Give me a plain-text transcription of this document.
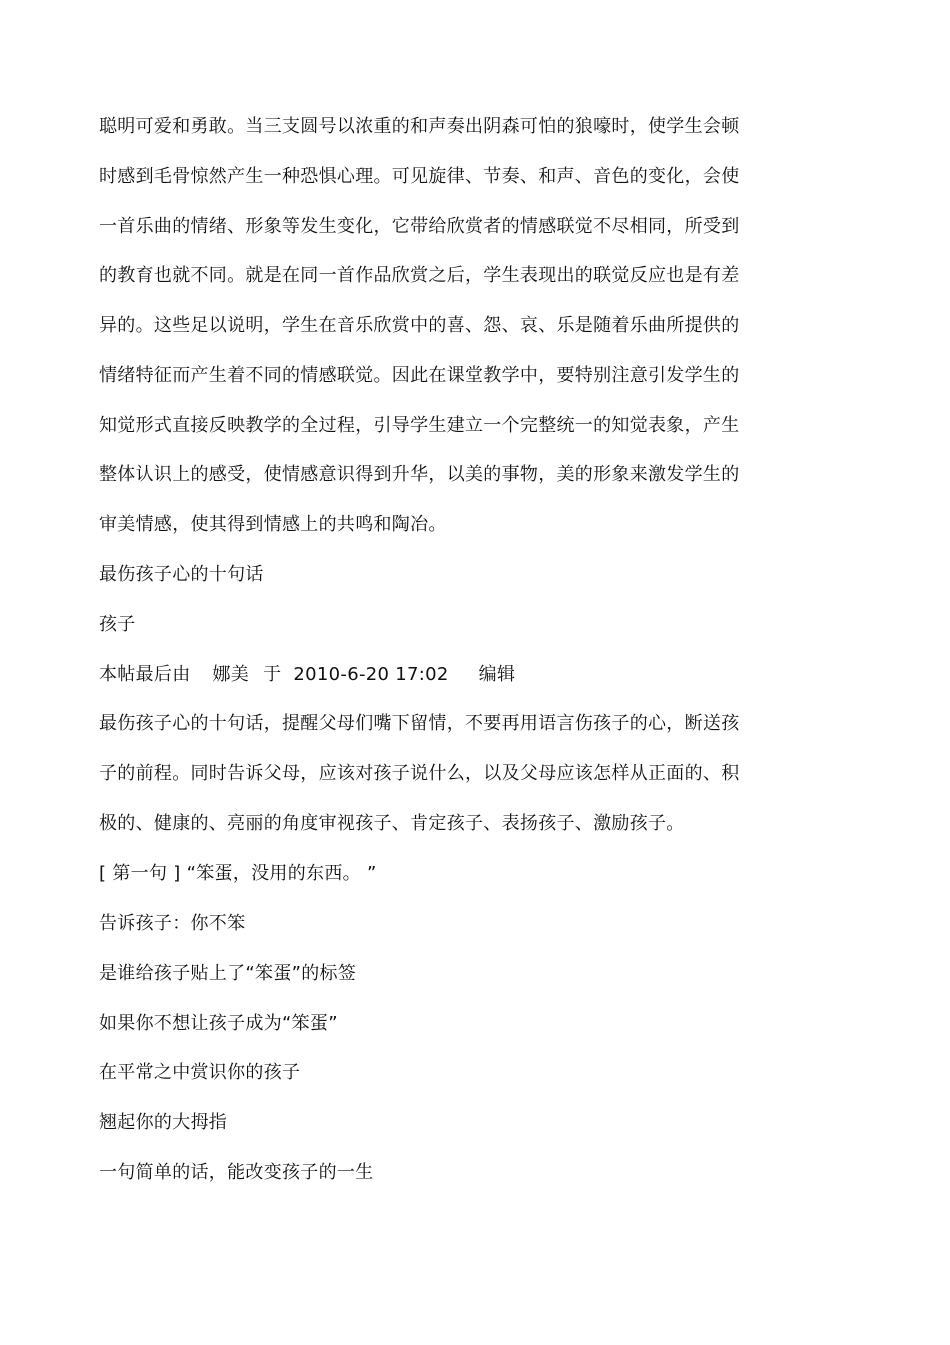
聪明可爱和勇敢。当三支圆号以浓重的和声奏出阴森可怕的狼嚎时，使学生会顿
时感到毛骨惊然产生一种恐惧心理。可见旋律、节奏、和声、音色的变化，会使
一首乐曲的情绪、形象等发生变化，它带给欣赏者的情感联觉不尽相同，所受到
的教育也就不同。就是在同一首作品欣赏之后，学生表现出的联觉反应也是有差
异的。这些足以说明，学生在音乐欣赏中的喜、怨、哀、乐是随着乐曲所提供的
情绪特征而产生着不同的情感联觉。因此在课堂教学中，要特别注意引发学生的
知觉形式直接反映教学的全过程，引导学生建立一个完整统一的知觉表象，产生
整体认识上的感受，使情感意识得到升华，以美的事物，美的形象来激发学生的
审美情感，使其得到情感上的共鸣和陶冶。
最伤孩子心的十句话
孩子
本帖最后由 娜美 于 2010-6-20 17:02 编辑
最伤孩子心的十句话，提醒父母们嘴下留情，不要再用语言伤孩子的心，断送孩
子的前程。同时告诉父母，应该对孩子说什么，以及父母应该怎样从正面的、积
极的、健康的、亮丽的角度审视孩子、肯定孩子、表扬孩子、激励孩子。
[ 第一句 ] “笨蛋，没用的东西。 ”
告诉孩子：你不笨
是谁给孩子贴上了“笨蛋”的标签
如果你不想让孩子成为“笨蛋”
在平常之中赏识你的孩子
翘起你的大拇指
一句简单的话，能改变孩子的一生
